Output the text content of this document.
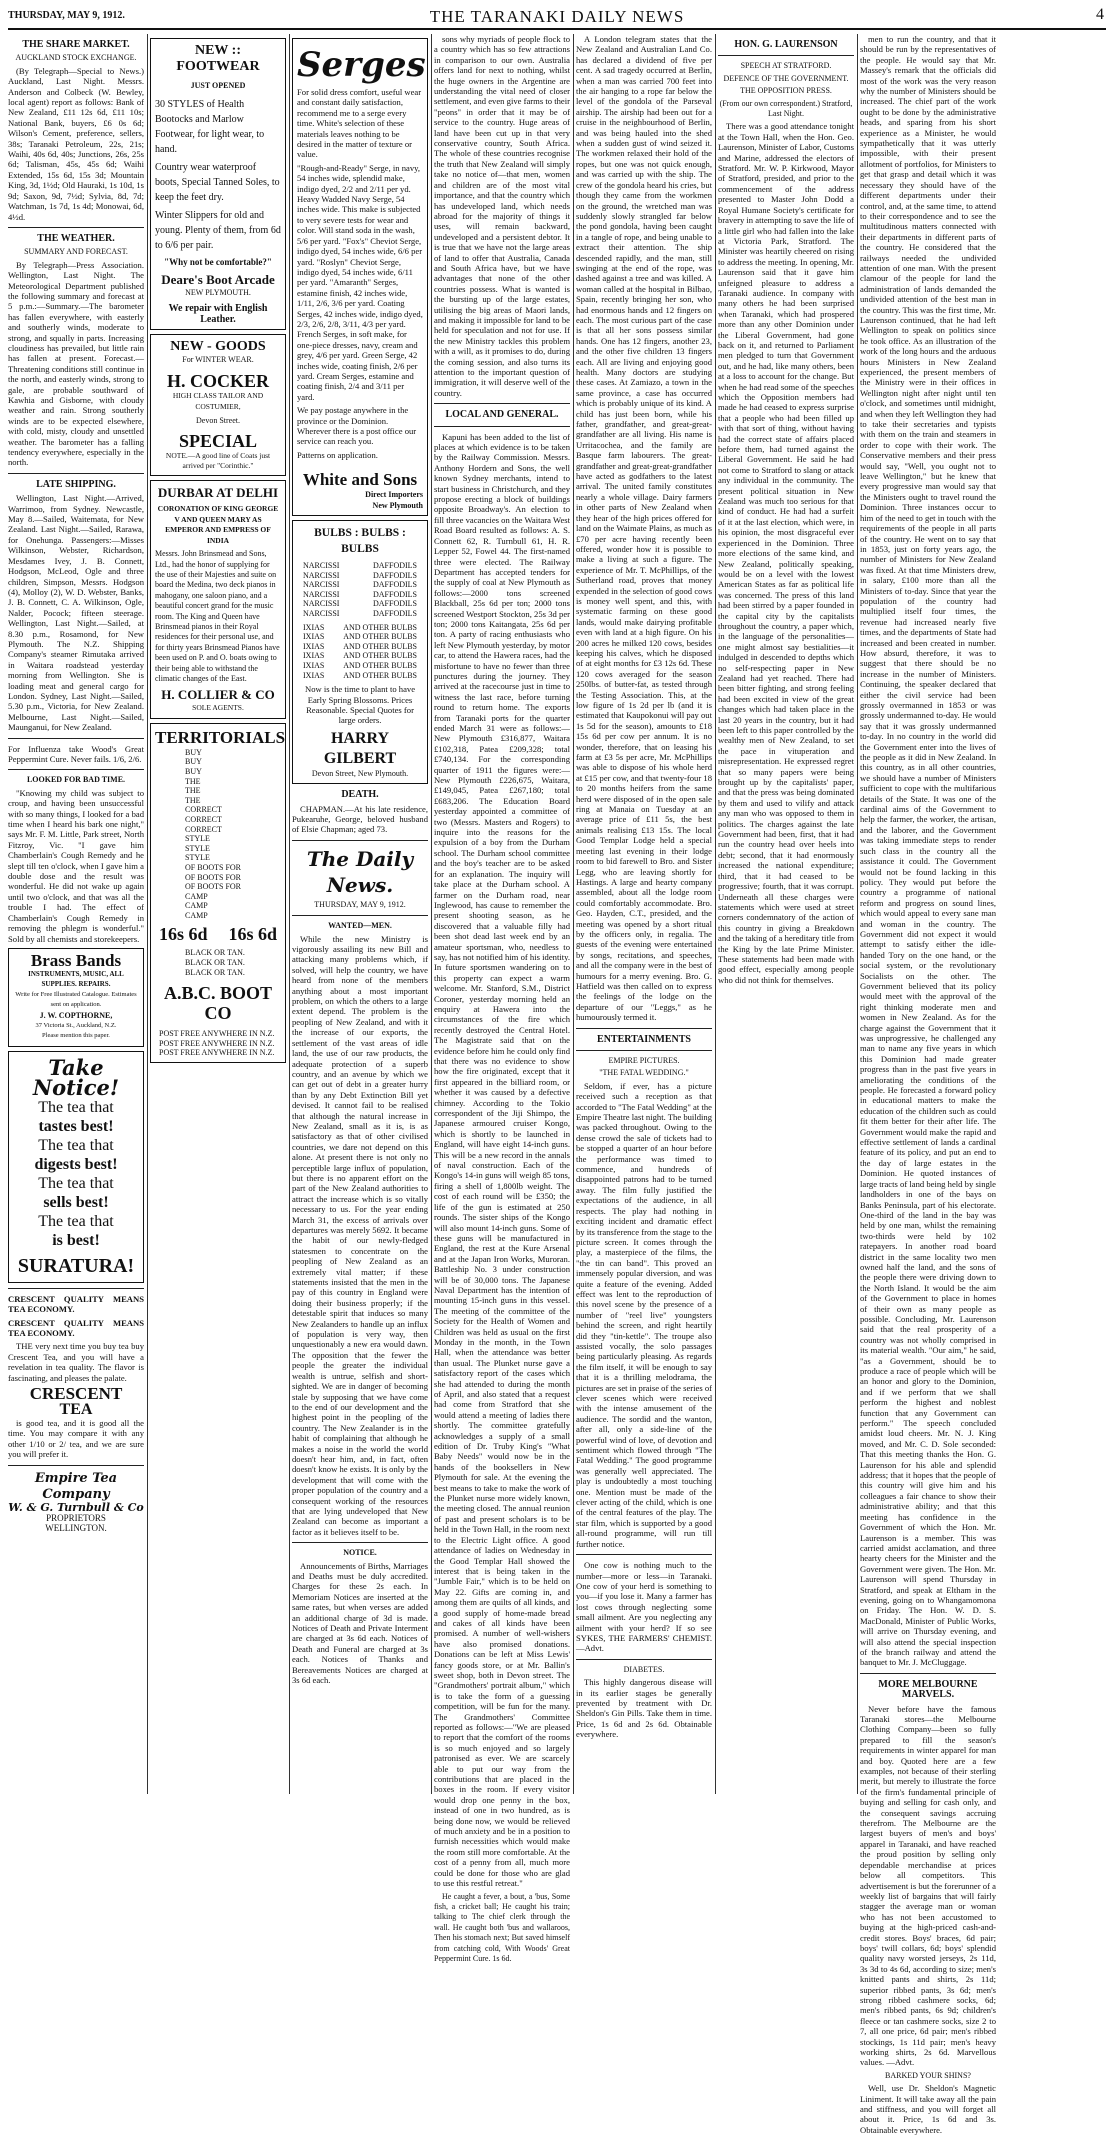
THURSDAY, MAY 9, 1912.	THE TARANAKI DAILY NEWS	4
THE SHARE MARKET.
AUCKLAND STOCK EXCHANGE.

(By Telegraph—Special to News.) Auckland, Last Night. Messrs. Anderson and Colbeck (W. Bewley, local agent) report as follows: Bank of New Zealand, £11 12s 6d, £11 10s; National Bank, buyers, £6 0s 6d; Wilson's Cement, preference, sellers, 38s; Taranaki Petroleum, 22s, 21s; Waihi, 40s 6d, 40s; Junctions, 26s, 25s 6d; Talisman, 45s, 45s 6d; Waihi Extended, 15s 6d, 15s 3d; Mountain King, 3d, 1½d; Old Hauraki, 1s 10d, 1s 9d; Saxon, 9d, 7½d; Sylvia, 8d, 7d; Watchman, 1s 7d, 1s 4d; Monowai, 6d, 4½d.

THE WEATHER.
SUMMARY AND FORECAST.

By Telegraph—Press Association. Wellington, Last Night. The Meteorological Department published the following summary and forecast at 5 p.m.:—Summary.—The barometer has fallen everywhere, with easterly and southerly winds, moderate to strong, and squally in parts. Increasing cloudiness has prevailed, but little rain has fallen at present. Forecast.—Threatening conditions still continue in the north, and easterly winds, strong to gale, are probable southward of Kawhia and Gisborne, with cloudy weather and rain. Strong southerly winds are to be expected elsewhere, with cold, misty, cloudy and unsettled weather. The barometer has a falling tendency everywhere, especially in the north.

LATE SHIPPING.

Wellington, Last Night.—Arrived, Warrimoo, from Sydney. Newcastle, May 8.—Sailed, Waitemata, for New Zealand. Last Night.—Sailed, Rarawa, for Onehunga. Passengers:—Misses Wilkinson, Webster, Richardson, Mesdames Ivey, J. B. Connett, Hodgson, McLeod, Ogle and three children, Simpson, Messrs. Hodgson (4), Molloy (2), W. D. Webster, Banks, J. B. Connett, C. A. Wilkinson, Ogle, Nalder, Pocock; fifteen steerage. Wellington, Last Night.—Sailed, at 8.30 p.m., Rosamond, for New Plymouth. The N.Z. Shipping Company's steamer Rimutaka arrived in Waitara roadstead yesterday morning from Wellington. She is loading meat and general cargo for London. Sydney, Last Night.—Sailed, 5.30 p.m., Victoria, for New Zealand. Melbourne, Last Night.—Sailed, Maunganui, for New Zealand.

For Influenza take Wood's Great Peppermint Cure. Never fails. 1/6, 2/6.

LOOKED FOR BAD TIME.

"Knowing my child was subject to croup, and having been unsuccessful with so many things, I looked for a bad time when I heard his bark one night," says Mr. F. M. Little, Park street, North Fitzroy, Vic. "I gave him Chamberlain's Cough Remedy and he slept till ten o'clock, when I gave him a double dose and the result was wonderful. He did not wake up again until two o'clock, and that was all the trouble I had. The effect of Chamberlain's Cough Remedy in removing the phlegm is wonderful." Sold by all chemists and storekeepers.

Brass Bands
INSTRUMENTS, MUSIC, ALL SUPPLIES. REPAIRS.
Write for Free Illustrated Catalogue. Estimates sent on application.
J. W. COPTHORNE,
37 Victoria St., Auckland, N.Z.
Please mention this paper.
Take Notice!
The tea that
tastes best!
The tea that
digests best!
The tea that
sells best!
The tea that
is best!
SURATURA!

CRESCENT QUALITY MEANS TEA ECONOMY.

CRESCENT QUALITY MEANS TEA ECONOMY.

THE very next time you buy tea buy Crescent Tea, and you will have a revelation in tea quality. The flavor is fascinating, and pleases the palate.

CRESCENT
TEA

is good tea, and it is good all the time. You may compare it with any other 1/10 or 2/ tea, and we are sure you will prefer it.

Empire Tea Company
W. & G. Turnbull & Co
PROPRIETORS
WELLINGTON.
NEW :: FOOTWEAR
JUST OPENED

30 STYLES of Health Bootocks and Marlow Footwear, for light wear, to hand.

Country wear waterproof boots, Special Tanned Soles, to keep the feet dry.

Winter Slippers for old and young. Plenty of them, from 6d to 6/6 per pair.

"Why not be comfortable?"
Deare's Boot Arcade
NEW PLYMOUTH.
We repair with English Leather.
NEW - GOODS
For WINTER WEAR.
H. COCKER
HIGH CLASS TAILOR AND COSTUMIER,
Devon Street.
SPECIAL
NOTE.—A good line of Coats just arrived per "Corinthic."
DURBAR AT DELHI
CORONATION OF KING GEORGE V AND QUEEN MARY AS EMPEROR AND EMPRESS OF INDIA

Messrs. John Brinsmead and Sons, Ltd., had the honor of supplying for the use of their Majesties and suite on board the Medina, two deck pianos in mahogany, one saloon piano, and a beautiful concert grand for the music room. The King and Queen have Brinsmead pianos in their Royal residences for their personal use, and for thirty years Brinsmead Pianos have been used on P. and O. boats owing to their being able to withstand the climatic changes of the East.

H. COLLIER & CO
SOLE AGENTS.
TERRITORIALS
BUY
BUY
BUY
THE
THE
THE
CORRECT
CORRECT
CORRECT
STYLE
STYLE
STYLE
OF BOOTS FOR
OF BOOTS FOR
OF BOOTS FOR
CAMP
CAMP
CAMP
16s 6d 16s 6d
BLACK OR TAN.
BLACK OR TAN.
BLACK OR TAN.
A.B.C. BOOT CO
POST FREE ANYWHERE IN N.Z.
POST FREE ANYWHERE IN N.Z.
POST FREE ANYWHERE IN N.Z.
Serges

For solid dress comfort, useful wear and constant daily satisfaction, recommend me to a serge every time. White's selection of these materials leaves nothing to be desired in the matter of texture or value.

"Rough-and-Ready" Serge, in navy, 54 inches wide, splendid make, indigo dyed, 2/2 and 2/11 per yd. Heavy Wadded Navy Serge, 54 inches wide. This make is subjected to very severe tests for wear and color. Will stand soda in the wash, 5/6 per yard. "Fox's" Cheviot Serge, indigo dyed, 54 inches wide, 6/6 per yard. "Roslyn" Cheviot Serge, indigo dyed, 54 inches wide, 6/11 per yard. "Amaranth" Serges, estamine finish, 42 inches wide, 1/11, 2/6, 3/6 per yard. Coating Serges, 42 inches wide, indigo dyed, 2/3, 2/6, 2/8, 3/11, 4/3 per yard. French Serges, in soft make, for one-piece dresses, navy, cream and grey, 4/6 per yard. Green Serge, 42 inches wide, coating finish, 2/6 per yard. Cream Serges, estamine and coating finish, 2/4 and 3/11 per yard.

We pay postage anywhere in the province or the Dominion. Wherever there is a post office our service can reach you.

Patterns on application.

White and Sons
Direct Importers
New Plymouth
BULBS : BULBS : BULBS
NARCISSI	DAFFODILS
NARCISSI	DAFFODILS
NARCISSI	DAFFODILS
NARCISSI	DAFFODILS
NARCISSI	DAFFODILS
NARCISSI	DAFFODILS
IXIAS AND OTHER BULBS
IXIAS AND OTHER BULBS
IXIAS AND OTHER BULBS
IXIAS AND OTHER BULBS
IXIAS AND OTHER BULBS
IXIAS AND OTHER BULBS

Now is the time to plant to have Early Spring Blossoms. Prices Reasonable. Special Quotes for large orders.

HARRY GILBERT
Devon Street, New Plymouth.
DEATH.

CHAPMAN.—At his late residence, Pukearuhe, George, beloved husband of Elsie Chapman; aged 73.

The Daily News.
THURSDAY, MAY 9, 1912.
WANTED—MEN.

While the new Ministry is vigorously assailing its new Bill and attacking many problems which, if solved, will help the country, we have heard from none of the members anything about a most important problem, on which the others to a large extent depend. The problem is the peopling of New Zealand, and with it the increase of our exports, the settlement of the vast areas of idle land, the use of our raw products, the adequate protection of a superb country, and an avenue by which we can get out of debt in a greater hurry than by any Debt Extinction Bill yet devised. It cannot fail to be realised that although the natural increase in New Zealand, small as it is, is as satisfactory as that of other civilised countries, we dare not depend on this alone. At present there is not only no perceptible large influx of population, but there is no apparent effort on the part of the New Zealand authorities to attract the increase which is so vitally necessary to us. For the year ending March 31, the excess of arrivals over departures was merely 5692. It became the habit of our newly-fledged statesmen to concentrate on the peopling of New Zealand as an extremely vital matter; if these statements insisted that the men in the pay of this country in England were doing their business properly; if the detestable spirit that induces so many New Zealanders to handle up an influx of population is very way, then unquestionably a new era would dawn. The opposition that the fewer the people the greater the individual wealth is untrue, selfish and short-sighted. We are in danger of becoming stale by supposing that we have come to the end of our development and the highest point in the peopling of the country. The New Zealander is in the habit of complaining that although he makes a noise in the world the world doesn't hear him, and, in fact, often doesn't know he exists. It is only by the development that will come with the proper population of the country and a consequent working of the resources that are lying undeveloped that New Zealand can become as important a factor as it believes itself to be.

NOTICE.

Announcements of Births, Marriages and Deaths must be duly accredited. Charges for these 2s each. In Memoriam Notices are inserted at the same rates, but when verses are added an additional charge of 3d is made. Notices of Death and Private Interment are charged at 3s 6d each. Notices of Death and Funeral are charged at 3s each. Notices of Thanks and Bereavements Notices are charged at 3s 6d each.

sons why myriads of people flock to a country which has so few attractions in comparison to our own. Australia offers land for next to nothing, whilst the huge owners in the Argentine are understanding the vital need of closer settlement, and even give farms to their "peons" in order that it may be of service to the country. Huge areas of land have been cut up in that very conservative country, South Africa. The whole of these countries recognise the truth that New Zealand will simply take no notice of—that men, women and children are of the most vital importance, and that the country which has undeveloped land, which needs abroad for the majority of things it uses, will remain backward, undeveloped and a persistent debtor. It is true that we have not the large areas of land to offer that Australia, Canada and South Africa have, but we have advantages that none of the other countries possess. What is wanted is the bursting up of the large estates, utilising the big areas of Maori lands, and making it impossible for land to be held for speculation and not for use. If the new Ministry tackles this problem with a will, as it promises to do, during the coming session, and also turns its attention to the important question of immigration, it will deserve well of the country.

LOCAL AND GENERAL.

Kapuni has been added to the list of places at which evidence is to be taken by the Railway Commission. Messrs. Anthony Hordern and Sons, the well known Sydney merchants, intend to start business in Christchurch, and they propose erecting a block of buildings opposite Broadway's. An election to fill three vacancies on the Waitara West Road Board resulted as follows: A. S. Connett 62, R. Turnbull 61, H. R. Lepper 52, Fowel 44. The first-named three were elected. The Railway Department has accepted tenders for the supply of coal at New Plymouth as follows:—2000 tons screened Blackball, 25s 6d per ton; 2000 tons screened Westport Stockton, 25s 3d per ton; 2000 tons Kaitangata, 25s 6d per ton. A party of racing enthusiasts who left New Plymouth yesterday, by motor car, to attend the Hawera races, had the misfortune to have no fewer than three punctures during the journey. They arrived at the racecourse just in time to witness the last race, before turning round to return home. The exports from Taranaki ports for the quarter ended March 31 were as follows:—New Plymouth £316,877, Waitara £102,318, Patea £209,328; total £740,134. For the corresponding quarter of 1911 the figures were:—New Plymouth £226,675, Waitara, £149,045, Patea £267,180; total £683,206. The Education Board yesterday appointed a committee of two (Messrs. Masters and Rogers) to inquire into the reasons for the expulsion of a boy from the Durham school. The Durham school committee and the boy's teacher are to be asked for an explanation. The inquiry will take place at the Durham school. A farmer on the Durham road, near Inglewood, has cause to remember the present shooting season, as he discovered that a valuable filly had been shot dead last week end by an amateur sportsman, who, needless to say, has not notified him of his identity. In future sportsmen wandering on to this property can expect a warm welcome. Mr. Stanford, S.M., District Coroner, yesterday morning held an enquiry at Hawera into the circumstances of the fire which recently destroyed the Central Hotel. The Magistrate said that on the evidence before him he could only find that there was no evidence to show how the fire originated, except that it first appeared in the billiard room, or whether it was caused by a defective chimney. According to the Tokio correspondent of the Jiji Shimpo, the Japanese armoured cruiser Kongo, which is shortly to be launched in England, will have eight 14-inch guns. This will be a new record in the annals of naval construction. Each of the Kongo's 14-in guns will weigh 85 tons, firing a shell of 1,800lb weight. The cost of each round will be £350; the life of the gun is estimated at 250 rounds. The sister ships of the Kongo will also mount 14-inch guns. Some of these guns will be manufactured in England, the rest at the Kure Arsenal and at the Japan Iron Works, Muroran. Battleship No. 3 under construction will be of 30,000 tons. The Japanese Naval Department has the intention of mounting 15-inch guns in this vessel. The meeting of the committee of the Society for the Health of Women and Children was held as usual on the first Monday in the month, in the Town Hall, when the attendance was better than usual. The Plunket nurse gave a satisfactory report of the cases which she had attended to during the month of April, and also stated that a request had come from Stratford that she would attend a meeting of ladies there shortly. The committee gratefully acknowledges a supply of a small edition of Dr. Truby King's "What Baby Needs" would now be in the hands of the booksellers in New Plymouth for sale. At the evening the best means to take to make the work of the Plunket nurse more widely known, the meeting closed. The annual reunion of past and present scholars is to be held in the Town Hall, in the room next to the Electric Light office. A good attendance of ladies on Wednesday in the Good Templar Hall showed the interest that is being taken in the "Jumble Fair," which is to be held on May 22. Gifts are coming in, and among them are quilts of all kinds, and a good supply of home-made bread and cakes of all kinds have been promised. A number of well-wishers have also promised donations. Donations can be left at Miss Lewis' fancy goods store, or at Mr. Ballin's sweet shop, both in Devon street. The "Grandmothers' portrait album," which is to take the form of a guessing competition, will be fun for the many. The Grandmothers' Committee reported as follows:—"We are pleased to report that the comfort of the rooms is so much enjoyed and so largely patronised as ever. We are scarcely able to put our way from the contributions that are placed in the boxes in the room. If every visitor would drop one penny in the box, instead of one in two hundred, as is being done now, we would be relieved of much anxiety and be in a position to furnish necessities which would make the room still more comfortable. At the cost of a penny from all, much more could be done for those who are glad to use this restful retreat."

He caught a fever, a bout, a 'bus, Some fish, a cricket ball; He caught his train; talking to The chief clerk through the wall. He caught both 'bus and wallaroos, Then his stomach next; But saved himself from catching cold, With Woods' Great Peppermint Cure. 1s 6d.

A London telegram states that the New Zealand and Australian Land Co. has declared a dividend of five per cent. A sad tragedy occurred at Berlin, when a man was carried 700 feet into the air hanging to a rope far below the level of the gondola of the Parseval airship. The airship had been out for a cruise in the neighbourhood of Berlin, and was being hauled into the shed when a sudden gust of wind seized it. The workmen relaxed their hold of the ropes, but one was not quick enough, and was carried up with the ship. The crew of the gondola heard his cries, but though they came from the workmen on the ground, the wretched man was suddenly slowly strangled far below the pond gondola, having been caught in a tangle of rope, and being unable to extract their attention. The ship descended rapidly, and the man, still swinging at the end of the rope, was dashed against a tree and was killed. A woman called at the hospital in Bilbao, Spain, recently bringing her son, who had enormous hands and 12 fingers on each. The most curious part of the case is that all her sons possess similar hands. One has 12 fingers, another 23, and the other five children 13 fingers each. All are living and enjoying good health. Many doctors are studying these cases. At Zamiazo, a town in the same province, a case has occurred which is probably unique of its kind. A child has just been born, while his father, grandfather, and great-great-grandfather are all living. His name is Urritacochea, and the family are Basque farm labourers. The great-grandfather and great-great-grandfather have acted as godfathers to the latest arrival. The united family constitutes nearly a whole village. Dairy farmers in other parts of New Zealand when they hear of the high prices offered for land on the Waimate Plains, as much as £70 per acre having recently been offered, wonder how it is possible to make a living at such a figure. The experience of Mr. T. McPhillips, of the Sutherland road, proves that money expended in the selection of good cows is money well spent, and this, with systematic farming on these good lands, would make dairying profitable even with land at a high figure. On his 200 acres he milked 120 cows, besides keeping his calves, which he disposed of at eight months for £3 12s 6d. These 120 cows averaged for the season 250lbs. of butter-fat, as tested through the Testing Association. This, at the low figure of 1s 2d per lb (and it is estimated that Kaupokonui will pay out 1s 5d for the season), amounts to £18 15s 6d per cow per annum. It is no wonder, therefore, that on leasing his farm at £3 5s per acre, Mr. McPhillips was able to dispose of his whole herd at £15 per cow, and that twenty-four 18 to 20 months heifers from the same herd were disposed of in the open sale ring at Manaia on Tuesday at an average price of £11 5s, the best animals realising £13 15s. The local Good Templar Lodge held a special meeting last evening in their lodge room to bid farewell to Bro. and Sister Legg, who are leaving shortly for Hastings. A large and hearty company assembled, about all the lodge room could comfortably accommodate. Bro. Geo. Hayden, C.T., presided, and the meeting was opened by a short ritual by the officers only, in regalia. The guests of the evening were entertained by songs, recitations, and speeches, and all the company were in the best of humours for a merry evening. Bro. G. Hatfield was then called on to express the feelings of the lodge on the departure of our "Leggs," as he humourously termed it.

ENTERTAINMENTS
EMPIRE PICTURES.
"THE FATAL WEDDING."

Seldom, if ever, has a picture received such a reception as that accorded to "The Fatal Wedding" at the Empire Theatre last night. The building was packed throughout. Owing to the dense crowd the sale of tickets had to be stopped a quarter of an hour before the performance was timed to commence, and hundreds of disappointed patrons had to be turned away. The film fully justified the expectations of the audience, in all respects. The play had nothing in exciting incident and dramatic effect by its transference from the stage to the picture screen. It comes through the play, a masterpiece of the films, the "the tin can band". This proved an immensely popular diversion, and was quite a feature of the evening. Added effect was lent to the reproduction of this novel scene by the presence of a number of "reel live" youngsters behind the screen, and right heartily did they "tin-kettle". The troupe also assisted vocally, the solo passages being particularly pleasing. As regards the film itself, it will be enough to say that it is a thrilling melodrama, the pictures are set in praise of the series of clever scenes which were received with the intense amusement of the audience. The sordid and the wanton, after all, only a side-line of the powerful wind of love, of devotion and sentiment which flowed through "The Fatal Wedding." The good programme was generally well appreciated. The play is undoubtedly a most touching one. Mention must be made of the clever acting of the child, which is one of the central features of the play. The star film, which is supported by a good all-round programme, will run till further notice.

One cow is nothing much to the number—more or less—in Taranaki. One cow of your herd is something to you—if you lose it. Many a farmer has lost cows through neglecting some small ailment. Are you neglecting any ailment with your herd? If so see SYKES, THE FARMERS' CHEMIST.—Advt.

DIABETES.

This highly dangerous disease will in its earlier stages be generally prevented by treatment with Dr. Sheldon's Gin Pills. Take them in time. Price, 1s 6d and 2s 6d. Obtainable everywhere.

HON. G. LAURENSON
SPEECH AT STRATFORD.
DEFENCE OF THE GOVERNMENT.
THE OPPOSITION PRESS.
(From our own correspondent.) Stratford, Last Night.

There was a good attendance tonight at the Town Hall, when the Hon. Geo. Laurenson, Minister of Labor, Customs and Marine, addressed the electors of Stratford. Mr. W. P. Kirkwood, Mayor of Stratford, presided, and prior to the commencement of the address presented to Master John Dodd a Royal Humane Society's certificate for bravery in attempting to save the life of a little girl who had fallen into the lake at Victoria Park, Stratford. The Minister was heartily cheered on rising to address the meeting. In opening, Mr. Laurenson said that it gave him unfeigned pleasure to address a Taranaki audience. In company with many others he had been surprised when Taranaki, which had prospered more than any other Dominion under the Liberal Government, had gone back on it, and returned to Parliament men pledged to turn that Government out, and he had, like many others, been at a loss to account for the change. But when he had read some of the speeches which the Opposition members had made he had ceased to express surprise that a people who had been filled up with that sort of thing, without having had the correct state of affairs placed before them, had turned against the Liberal Government. He said he had not come to Stratford to slang or attack any individual in the community. The present political situation in New Zealand was much too serious for that kind of conduct. He had had a surfeit of it at the last election, which were, in his opinion, the most disgraceful ever experienced in the Dominion. Three more elections of the same kind, and New Zealand, politically speaking, would be on a level with the lowest American States as far as political life was concerned. The press of this land had been stirred by a paper founded in the capital city by the capitalists throughout the country, a paper which, in the language of the personalities—one might almost say bestialities—it indulged in descended to depths which no self-respecting paper in New Zealand had yet reached. There had been bitter fighting, and strong feeling had been excited in view of the great changes which had taken place in the last 20 years in the country, but it had been left to this paper controlled by the wealthy men of New Zealand, to set the pace in vituperation and misrepresentation. He expressed regret that so many papers were being brought up by the capitalists' paper, and that the press was being dominated by them and used to vilify and attack any man who was opposed to them in politics. The charges against the late Government had been, first, that it had run the country head over heels into debt; second, that it had enormously increased the national expenditure; third, that it had ceased to be progressive; fourth, that it was corrupt. Underneath all these charges were statements which were used at street corners condemnatory of the action of this country in giving a Breakdown and the taking of a hereditary title from the King by the late Prime Minister. These statements had been made with good effect, especially among people who did not think for themselves.

men to run the country, and that it should be run by the representatives of the people. He would say that Mr. Massey's remark that the officials did most of the work was the very reason why the number of Ministers should be increased. The chief part of the work ought to be done by the administrative heads, and sparing from his short experience as a Minister, he would sympathetically that it was utterly impossible, with their present allotment of portfolios, for Ministers to get that grasp and detail which it was necessary they should have of the different departments under their control, and, at the same time, to attend to their correspondence and to see the multitudinous matters connected with their departments in different parts of the country. He considered that the railways needed the undivided attention of one man. With the present clamour of the people for land the administration of lands demanded the undivided attention of the best man in the country. This was the first time, Mr. Laurenson continued, that he had left Wellington to speak on politics since he took office. As an illustration of the work of the long hours and the arduous hours Ministers in New Zealand experienced, the present members of the Ministry were in their offices in Wellington night after night until ten o'clock, and sometimes until midnight, and when they left Wellington they had to take their secretaries and typists with them on the train and steamers in order to cope with their work. The Conservative members and their press would say, "Well, you ought not to leave Wellington," but he knew that every progressive man would say that the Ministers ought to travel round the Dominion. Three instances occur to him of the need to get in touch with the requirements of the people in all parts of the country. He went on to say that in 1853, just on forty years ago, the number of Ministers for New Zealand was fixed. At that time Ministers drew, in salary, £100 more than all the Ministers of to-day. Since that year the population of the country had multiplied itself four times, the revenue had increased nearly five times, and the departments of State had increased and been created in number. How absurd, therefore, it was to suggest that there should be no increase in the number of Ministers. Continuing, the speaker declared that either the civil service had been grossly overmanned in 1853 or was grossly undermanned to-day. He would say that it was grossly undermanned to-day. In no country in the world did the Government enter into the lives of the people as it did in New Zealand. In this country, as in all other countries, we should have a number of Ministers sufficient to cope with the multifarious details of the State. It was one of the cardinal aims of the Government to help the farmer, the worker, the artisan, and the laborer, and the Government was taking immediate steps to render such class in the country all the assistance it could. The Government would not be found lacking in this policy. They would put before the country a programme of national reform and progress on sound lines, which would appeal to every sane man and woman in the country. The Government did not expect it would attempt to satisfy either the idle-handed Tory on the one hand, or the social system, or the revolutionary Socialists on the other. The Government believed that its policy would meet with the approval of the right thinking moderate men and women in New Zealand. As for the charge against the Government that it was unprogressive, he challenged any man to name any five years in which this Dominion had made greater progress than in the past five years in ameliorating the conditions of the people. He forecasted a forward policy in educational matters to make the education of the children such as could fit them better for their after life. The Government would make the rapid and effective settlement of lands a cardinal feature of its policy, and put an end to the day of large estates in the Dominion. He quoted instances of large tracts of land being held by single landholders in one of the bays on Banks Peninsula, part of his electorate. One-third of the land in the bay was held by one man, whilst the remaining two-thirds were held by 102 ratepayers. In another road board district in the same locality two men owned half the land, and the sons of the people there were driving down to the North Island. It would be the aim of the Government to place in homes of their own as many people as possible. Concluding, Mr. Laurenson said that the real prosperity of a country was not wholly comprised in its material wealth. "Our aim," he said, "as a Government, should be to produce a race of people which will be an honor and glory to the Dominion, and if we perform that we shall perform the highest and noblest function that any Government can perform." The speech concluded amidst loud cheers. Mr. N. J. King moved, and Mr. C. D. Sole seconded: That this meeting thanks the Hon. G. Laurenson for his able and splendid address; that it hopes that the people of this country will give him and his colleagues a fair chance to show their administrative ability; and that this meeting has confidence in the Government of which the Hon. Mr. Laurenson is a member. This was carried amidst acclamation, and three hearty cheers for the Minister and the Government were given. The Hon. Mr. Laurenson will spend Thursday in Stratford, and speak at Eltham in the evening, going on to Whangamomona on Friday. The Hon. W. D. S. MacDonald, Minister of Public Works, will arrive on Thursday evening, and will also attend the special inspection of the branch railway and attend the banquet to Mr. J. McCluggage.

MORE MELBOURNE MARVELS.

Never before have the famous Taranaki stores—the Melbourne Clothing Company—been so fully prepared to fill the season's requirements in winter apparel for man and boy. Quoted here are a few examples, not because of their sterling merit, but merely to illustrate the force of the firm's fundamental principle of buying and selling for cash only, and the consequent savings accruing therefrom. The Melbourne are the largest buyers of men's and boys' apparel in Taranaki, and have reached the proud position by selling only dependable merchandise at prices below all competitors. This advertisement is but the forerunner of a weekly list of bargains that will fairly stagger the average man or woman who has not been accustomed to buying at the high-priced cash-and-credit stores. Boys' braces, 6d pair; boys' twill collars, 6d; boys' splendid quality navy worsted jerseys, 2s 11d, 3s 3d to 4s 6d, according to size; men's knitted pants and shirts, 2s 11d; superior ribbed pants, 3s 6d; men's strong ribbed cashmere socks, 6d; men's ribbed pants, 6s 9d; children's fleece or tan cashmere socks, size 2 to 7, all one price, 6d pair; men's ribbed stockings, 1s 11d pair; men's heavy working shirts, 2s 6d. Marvellous values. —Advt.

BARKED YOUR SHINS?

Well, use Dr. Sheldon's Magnetic Liniment. It will take away all the pain and stiffness, and you will forget all about it. Price, 1s 6d and 3s. Obtainable everywhere.
